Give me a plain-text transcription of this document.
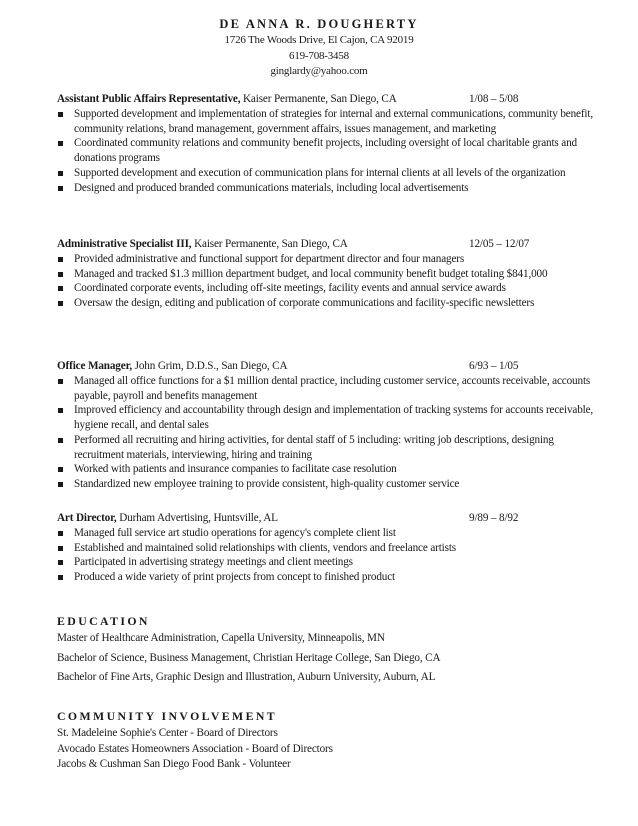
DE ANNA R. DOUGHERTY
1726 The Woods Drive, El Cajon, CA 92019
619-708-3458
ginglardy@yahoo.com
Assistant Public Affairs Representative, Kaiser Permanente, San Diego, CA	1/08 – 5/08
Supported development and implementation of strategies for internal and external communications, community benefit, community relations, brand management, government affairs, issues management, and marketing
Coordinated community relations and community benefit projects, including oversight of local charitable grants and donations programs
Supported development and execution of communication plans for internal clients at all levels of the organization
Designed and produced branded communications materials, including local advertisements
Administrative Specialist III, Kaiser Permanente, San Diego, CA	12/05 – 12/07
Provided administrative and functional support for department director and four managers
Managed and tracked $1.3 million department budget, and local community benefit budget totaling $841,000
Coordinated corporate events, including off-site meetings, facility events and annual service awards
Oversaw the design, editing and publication of corporate communications and facility-specific newsletters
Office Manager, John Grim, D.D.S., San Diego, CA	6/93 – 1/05
Managed all office functions for a $1 million dental practice, including customer service, accounts receivable, accounts payable, payroll and benefits management
Improved efficiency and accountability through design and implementation of tracking systems for accounts receivable, hygiene recall, and dental sales
Performed all recruiting and hiring activities, for dental staff of 5 including: writing job descriptions, designing recruitment materials, interviewing, hiring and training
Worked with patients and insurance companies to facilitate case resolution
Standardized new employee training to provide consistent, high-quality customer service
Art Director, Durham Advertising, Huntsville, AL	9/89 – 8/92
Managed full service art studio operations for agency's complete client list
Established and maintained solid relationships with clients, vendors and freelance artists
Participated in advertising strategy meetings and client meetings
Produced a wide variety of print projects from concept to finished product
EDUCATION
Master of Healthcare Administration, Capella University, Minneapolis, MN
Bachelor of Science, Business Management, Christian Heritage College, San Diego, CA
Bachelor of Fine Arts, Graphic Design and Illustration, Auburn University, Auburn, AL
COMMUNITY INVOLVEMENT
St. Madeleine Sophie's Center - Board of Directors
Avocado Estates Homeowners Association - Board of Directors
Jacobs & Cushman San Diego Food Bank - Volunteer
